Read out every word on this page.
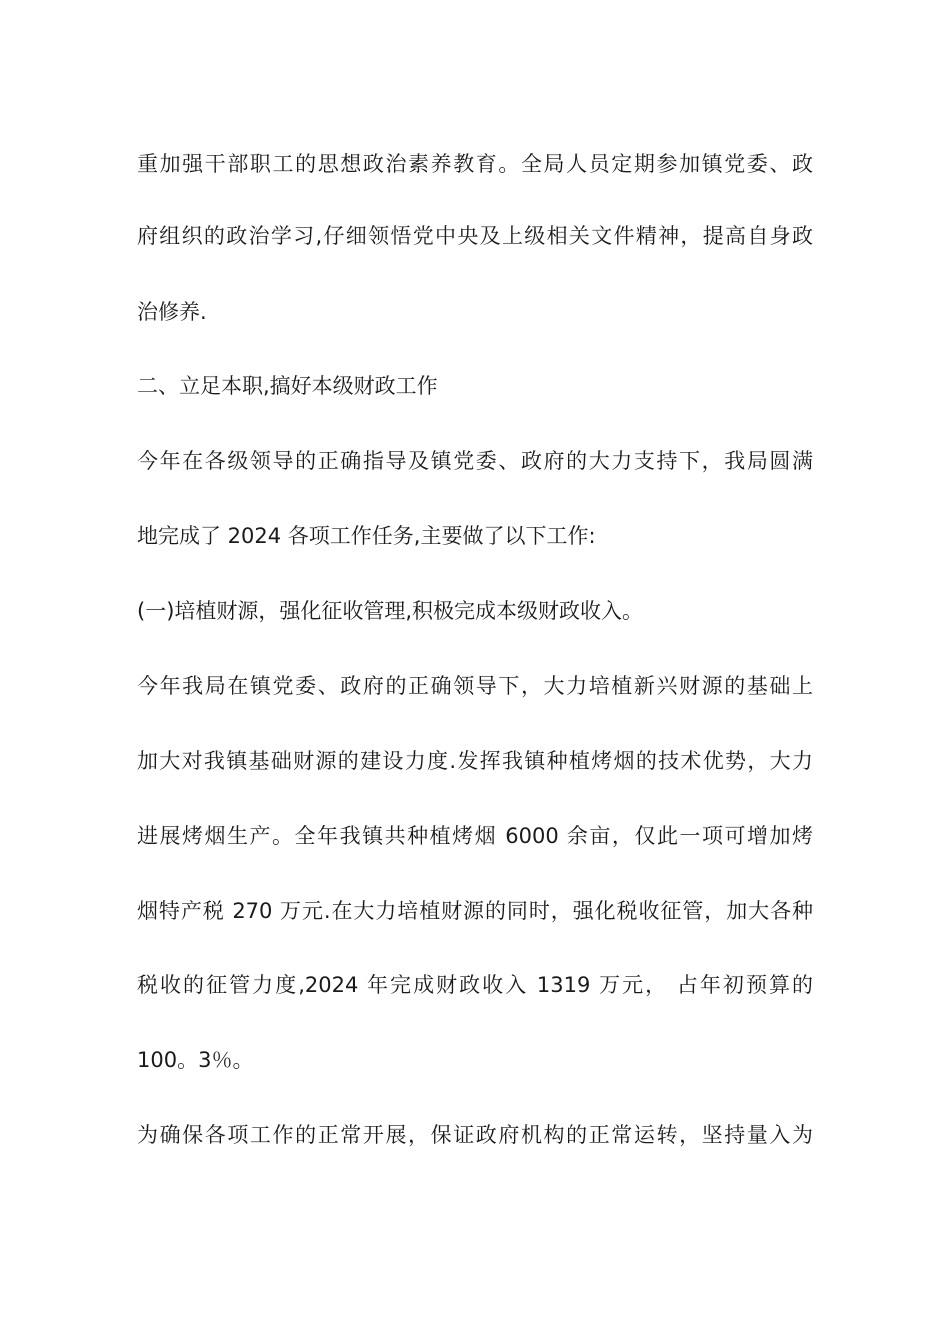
重加强干部职工的思想政治素养教育。全局人员定期参加镇党委、政
府组织的政治学习,仔细领悟党中央及上级相关文件精神，提高自身政
治修养.
二、立足本职,搞好本级财政工作
今年在各级领导的正确指导及镇党委、政府的大力支持下，我局圆满
地完成了 2024 各项工作任务,主要做了以下工作:
(一)培植财源，强化征收管理,积极完成本级财政收入。
今年我局在镇党委、政府的正确领导下，大力培植新兴财源的基础上
加大对我镇基础财源的建设力度.发挥我镇种植烤烟的技术优势，大力
进展烤烟生产。全年我镇共种植烤烟 6000 余亩，仅此一项可增加烤
烟特产税 270 万元.在大力培植财源的同时，强化税收征管，加大各种
税收的征管力度,2024 年完成财政收入 1319 万元， 占年初预算的
100。3％。
为确保各项工作的正常开展，保证政府机构的正常运转，坚持量入为
